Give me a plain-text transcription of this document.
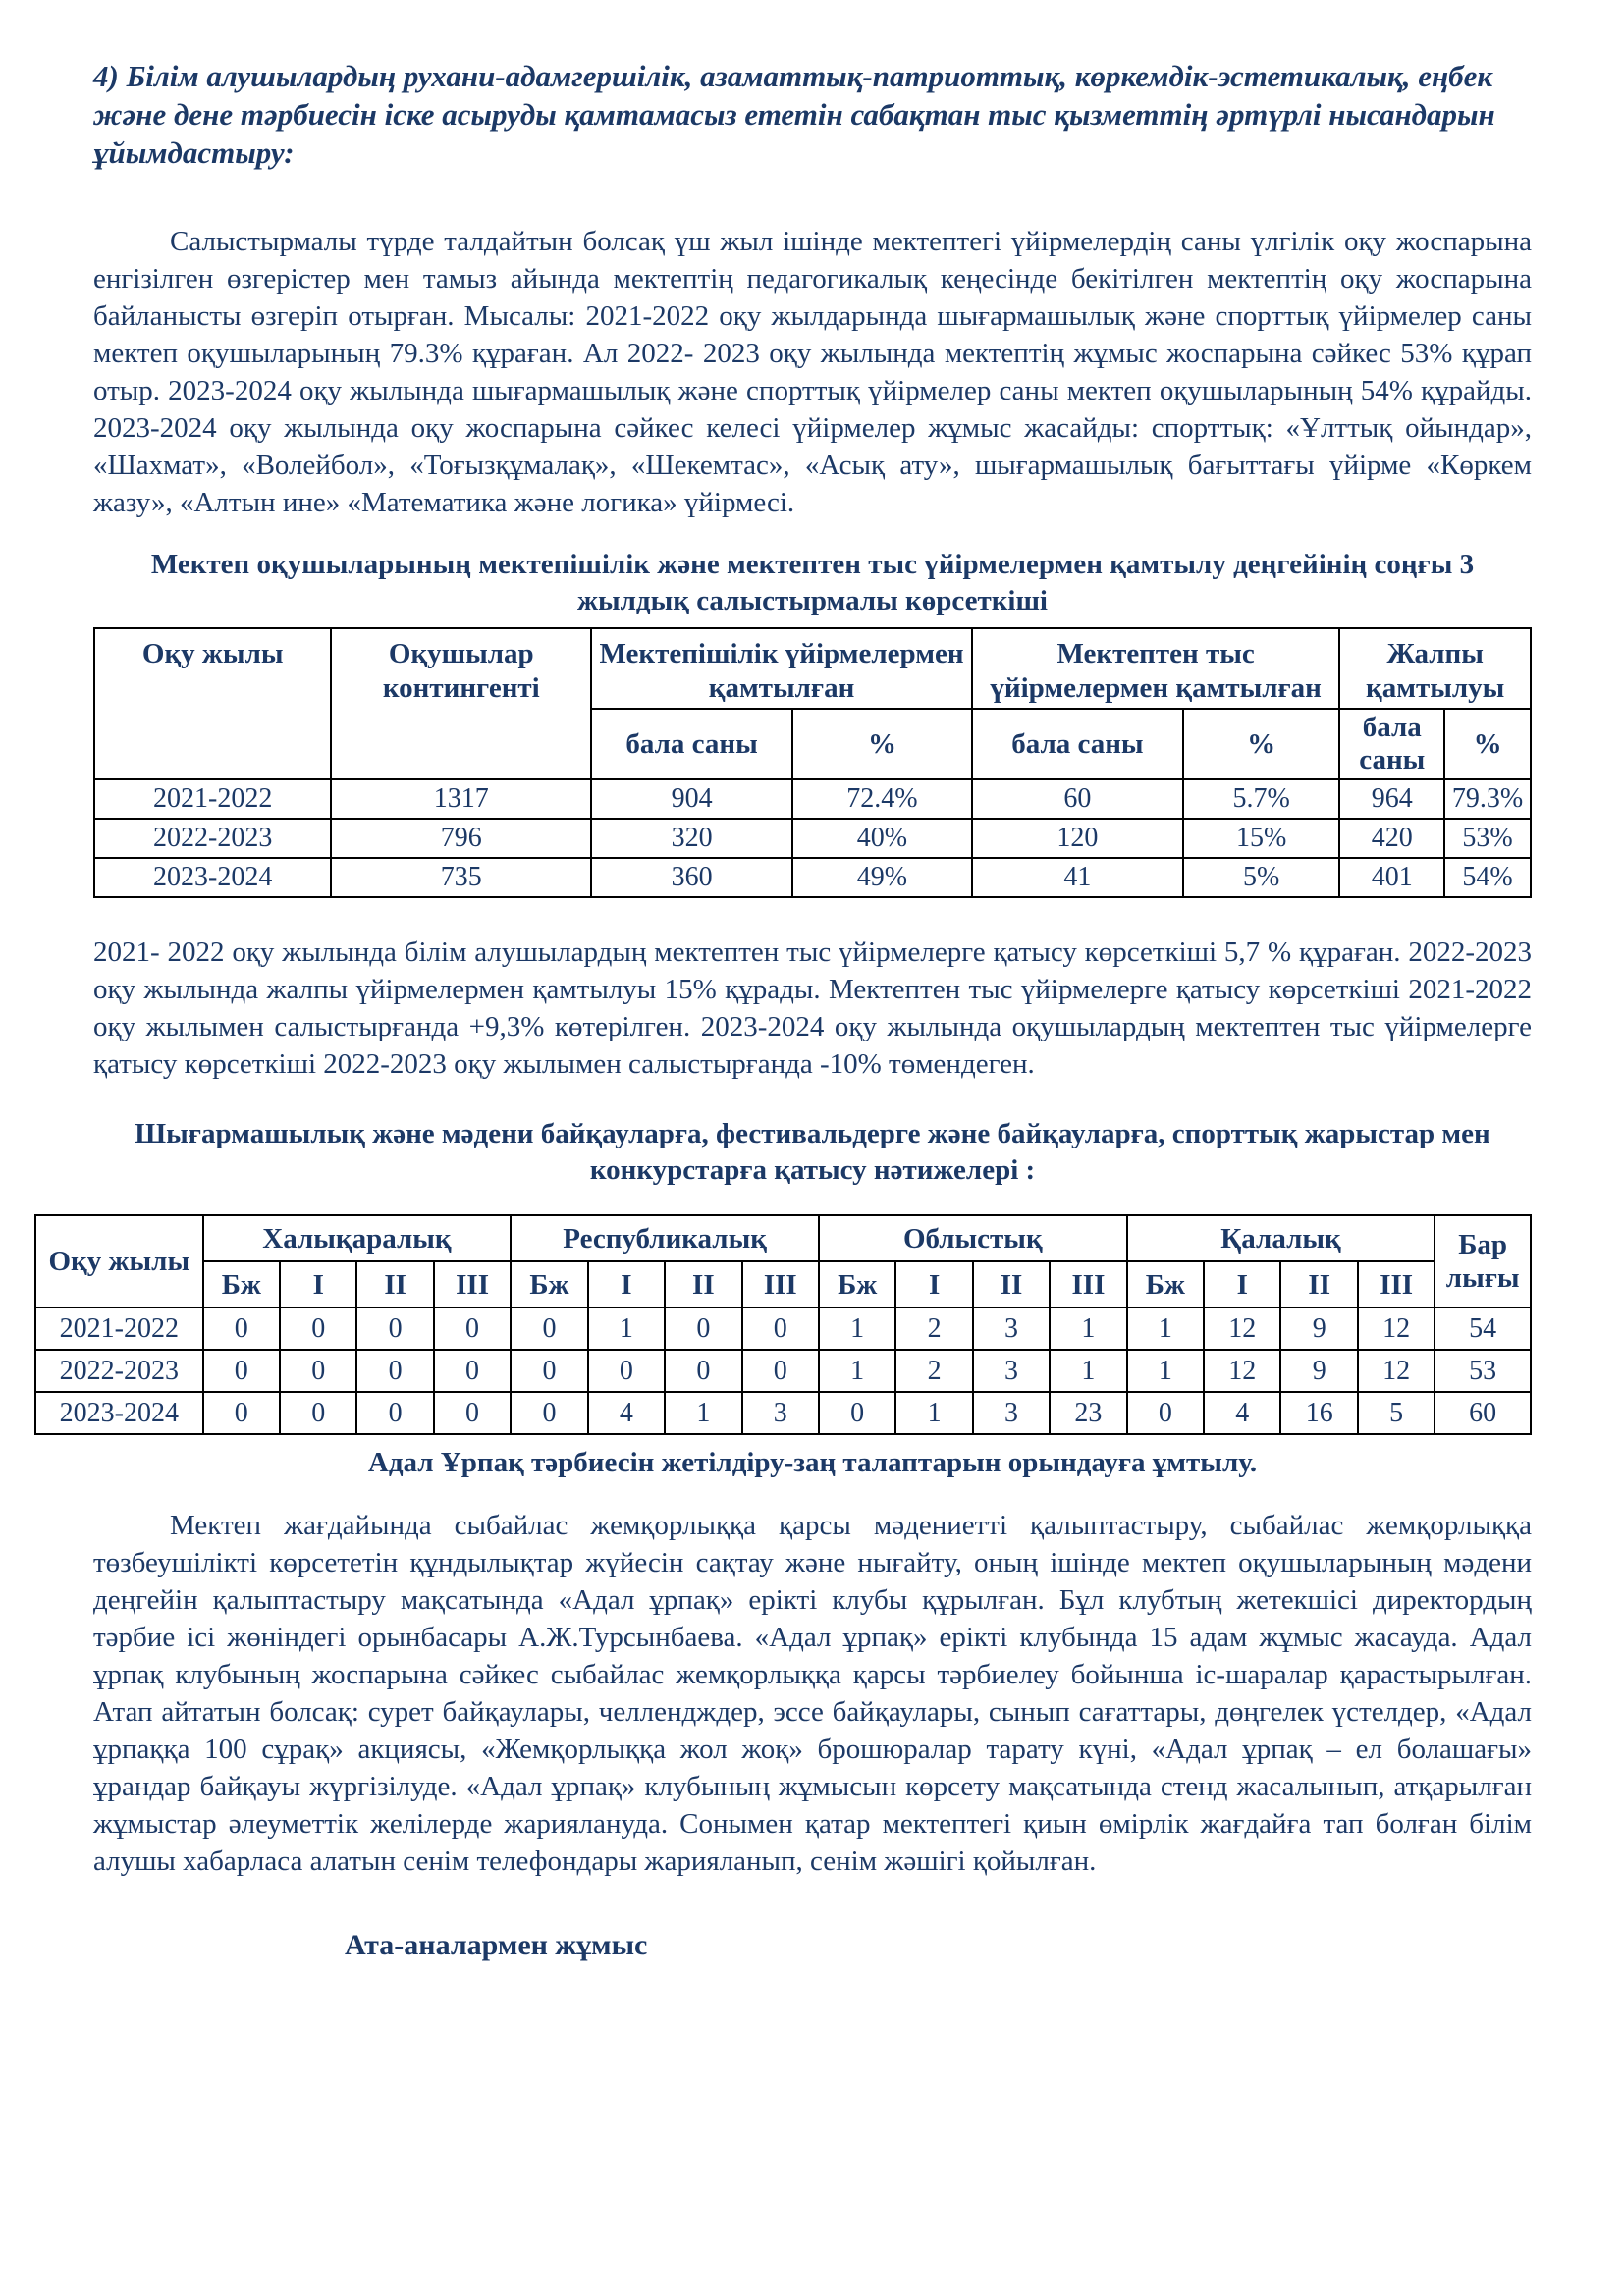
4) Білім алушылардың рухани-адамгершілік, азаматтық-патриоттық, көркемдік-эстетикалық, еңбек және дене тәрбиесін іске асыруды қамтамасыз ететін сабақтан тыс қызметтің әртүрлі нысандарын ұйымдастыру:

Салыстырмалы түрде талдайтын болсақ үш жыл ішінде мектептегі үйірмелердің саны үлгілік оқу жоспарына енгізілген өзгерістер мен тамыз айында мектептің педагогикалық кеңесінде бекітілген мектептің оқу жоспарына байланысты өзгеріп отырған. Мысалы: 2021-2022 оқу жылдарында шығармашылық және спорттық үйірмелер саны мектеп оқушыларының 79.3% құраған. Ал 2022- 2023 оқу жылында мектептің жұмыс жоспарына сәйкес 53% құрап отыр. 2023-2024 оқу жылында шығармашылық және спорттық үйірмелер саны мектеп оқушыларының 54% құрайды. 2023-2024 оқу жылында оқу жоспарына сәйкес келесі үйірмелер жұмыс жасайды: спорттық: «Ұлттық ойындар», «Шахмат», «Волейбол», «Тоғызқұмалақ», «Шекемтас», «Асық ату», шығармашылық бағыттағы үйірме «Көркем жазу», «Алтын ине» «Математика және логика» үйірмесі.

Мектеп оқушыларының мектепішілік және мектептен тыс үйірмелермен қамтылу деңгейінің соңғы 3 жылдық салыстырмалы көрсеткіші
Оқу жылы	Оқушылар контингенті	Мектепішілік үйірмелермен қамтылған		Мектептен тыс үйірмелермен қамтылған		Жалпы қамтылуы	
		бала саны	%	бала саны	%	бала саны	%
2021-2022	1317	904	72.4%	60	5.7%	964	79.3%
2022-2023	796	320	40%	120	15%	420	53%
2023-2024	735	360	49%	41	5%	401	54%

2021- 2022 оқу жылында білім алушылардың мектептен тыс үйірмелерге қатысу көрсеткіші 5,7 % құраған. 2022-2023 оқу жылында жалпы үйірмелермен қамтылуы 15% құрады. Мектептен тыс үйірмелерге қатысу көрсеткіші 2021-2022 оқу жылымен салыстырғанда +9,3% көтерілген. 2023-2024 оқу жылында оқушылардың мектептен тыс үйірмелерге қатысу көрсеткіші 2022-2023 оқу жылымен салыстырғанда -10% төмендеген.

Шығармашылық және мәдени байқауларға, фестивальдерге және байқауларға, спорттық жарыстар мен конкурстарға қатысу нәтижелері :
Оқу жылы	Халықаралық				Республикалық				Облыстық				Қалалық				Бар лығы
	Бж	I	II	III	Бж	I	II	III	Бж	I	II	III	Бж	I	II	III	
2021-2022	0	0	0	0	0	1	0	0	1	2	3	1	1	12	9	12	54
2022-2023	0	0	0	0	0	0	0	0	1	2	3	1	1	12	9	12	53
2023-2024	0	0	0	0	0	4	1	3	0	1	3	23	0	4	16	5	60
Адал Ұрпақ тәрбиесін жетілдіру-заң талаптарын орындауға ұмтылу.

Мектеп жағдайында сыбайлас жемқорлыққа қарсы мәдениетті қалыптастыру, сыбайлас жемқорлыққа төзбеушілікті көрсететін құндылықтар жүйесін сақтау және нығайту, оның ішінде мектеп оқушыларының мәдени деңгейін қалыптастыру мақсатында «Адал ұрпақ» ерікті клубы құрылған. Бұл клубтың жетекшісі директордың тәрбие ісі жөніндегі орынбасары А.Ж.Турсынбаева. «Адал ұрпақ» ерікті клубында 15 адам жұмыс жасауда. Адал ұрпақ клубының жоспарына сәйкес сыбайлас жемқорлыққа қарсы тәрбиелеу бойынша іс-шаралар қарастырылған. Атап айтатын болсақ: сурет байқаулары, челлендждер, эссе байқаулары, сынып сағаттары, дөңгелек үстелдер, «Адал ұрпаққа 100 сұрақ» акциясы, «Жемқорлыққа жол жоқ» брошюралар тарату күні, «Адал ұрпақ – ел болашағы» ұрандар байқауы жүргізілуде. «Адал ұрпақ» клубының жұмысын көрсету мақсатында стенд жасалынып, атқарылған жұмыстар әлеуметтік желілерде жариялануда. Сонымен қатар мектептегі қиын өмірлік жағдайға тап болған білім алушы хабарласа алатын сенім телефондары жарияланып, сенім жәшігі қойылған.

Ата-аналармен жұмыс
